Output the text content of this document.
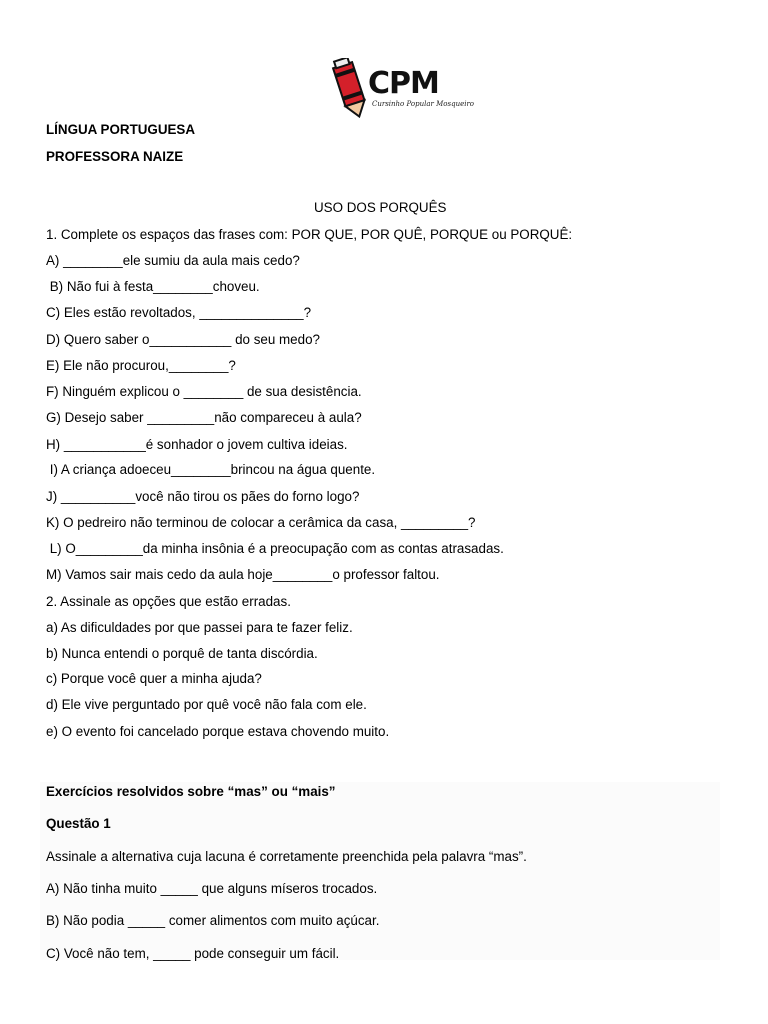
CPM
Cursinho Popular Mosqueiro
LÍNGUA PORTUGUESA
PROFESSORA NAIZE
USO DOS PORQUÊS
1. Complete os espaços das frases com: POR QUE, POR QUÊ, PORQUE ou PORQUÊ:
A) ________ele sumiu da aula mais cedo?
B) Não fui à festa________choveu.
C) Eles estão revoltados, ______________?
D) Quero saber o___________ do seu medo?
E) Ele não procurou,________?
F) Ninguém explicou o ________ de sua desistência.
G) Desejo saber _________não compareceu à aula?
H) ___________é sonhador o jovem cultiva ideias.
I) A criança adoeceu________brincou na água quente.
J) __________você não tirou os pães do forno logo?
K) O pedreiro não terminou de colocar a cerâmica da casa, _________?
L) O_________da minha insônia é a preocupação com as contas atrasadas.
M) Vamos sair mais cedo da aula hoje________o professor faltou.
2. Assinale as opções que estão erradas.
a) As dificuldades por que passei para te fazer feliz.
b) Nunca entendi o porquê de tanta discórdia.
c) Porque você quer a minha ajuda?
d) Ele vive perguntado por quê você não fala com ele.
e) O evento foi cancelado porque estava chovendo muito.
Exercícios resolvidos sobre “mas” ou “mais”
Questão 1
Assinale a alternativa cuja lacuna é corretamente preenchida pela palavra “mas”.
A) Não tinha muito _____ que alguns míseros trocados.
B) Não podia _____ comer alimentos com muito açúcar.
C) Você não tem, _____ pode conseguir um fácil.
